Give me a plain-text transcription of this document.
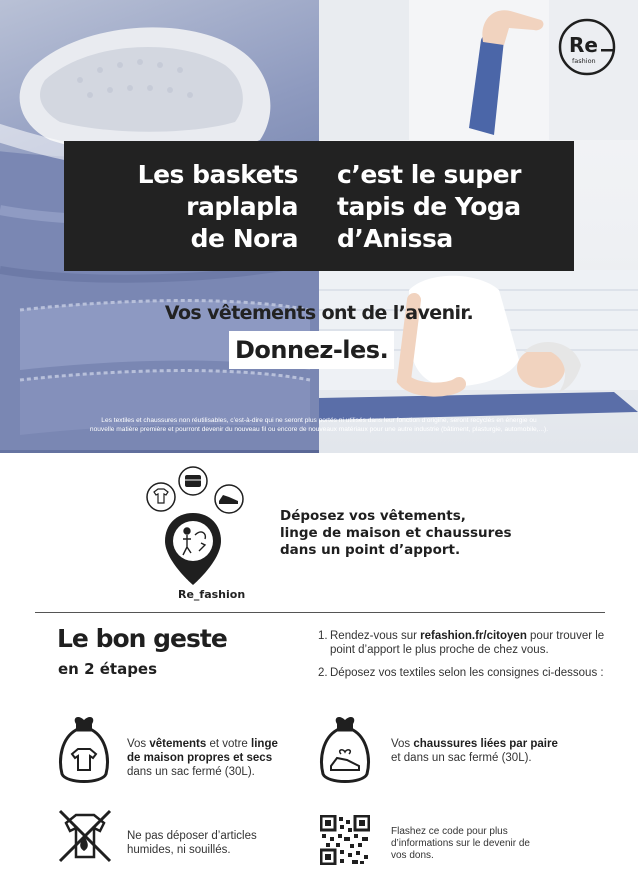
Les baskets
raplapla
de Nora
c’est le super
tapis de Yoga
d’Anissa
Vos vêtements ont de l’avenir.
Donnez-les.
Les textiles et chaussures non réutilisables, c’est-à-dire qui ne seront plus portés ni utilisés dans leur fonction d’origine, seront recyclés en énergie ou
nouvelle matière première et pourront devenir du nouveau fil ou encore de nouveaux matériaux pour une autre industrie (bâtiment, plasturgie, automobile,...).
Re
fashion
Re_fashion
Déposez vos vêtements,
linge de maison et chaussures
dans un point d’apport.
Le bon geste
en 2 étapes
1. Rendez-vous sur refashion.fr/citoyen pour trouver le point d’apport le plus proche de chez vous.
2. Déposez vos textiles selon les consignes ci-dessous :
Vos vêtements et votre linge de maison propres et secs dans un sac fermé (30L).
Vos chaussures liées par paire et dans un sac fermé (30L).
Ne pas déposer d’articles humides, ni souillés.
Flashez ce code pour plus d’informations sur le devenir de vos dons.
